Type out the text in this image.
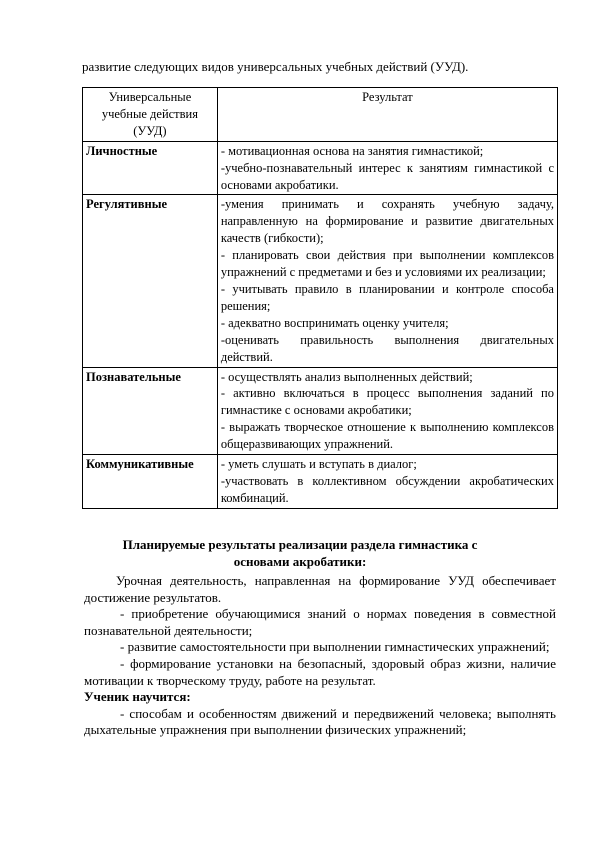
развитие следующих видов универсальных учебных действий (УУД).
Универсальные учебные действия (УУД)	Результат
Личностные	- мотивационная основа на занятия гимнастикой;

-учебно-познавательный интерес к занятиям гимнастикой с основами акробатики.

Регулятивные	-умения принимать и сохранять учебную задачу, направленную на формирование и развитие двигательных качеств (гибкости);

- планировать свои действия при выполнении комплексов упражнений с предметами и без и условиями их реализации;

- учитывать правило в планировании и контроле способа решения;

- адекватно воспринимать оценку учителя;

-оценивать правильность выполнения двигательных действий.

Познавательные	- осуществлять анализ выполненных действий;

- активно включаться в процесс выполнения заданий по гимнастике с основами акробатики;

- выражать творческое отношение к выполнению комплексов общеразвивающих упражнений.

Коммуникативные	- уметь слушать и вступать в диалог;

-участвовать в коллективном обсуждении акробатических комбинаций.

Планируемые результаты реализации раздела гимнастика с основами акробатики:

Урочная деятельность, направленная на формирование УУД обеспечивает достижение результатов.

- приобретение обучающимися знаний о нормах поведения в совместной познавательной деятельности;

- развитие самостоятельности при выполнении гимнастических упражнений;

- формирование установки на безопасный, здоровый образ жизни, наличие мотивации к творческому труду, работе на результат.

Ученик научится:

- способам и особенностям движений и передвижений человека; выполнять дыхательные упражнения при выполнении физических упражнений;
